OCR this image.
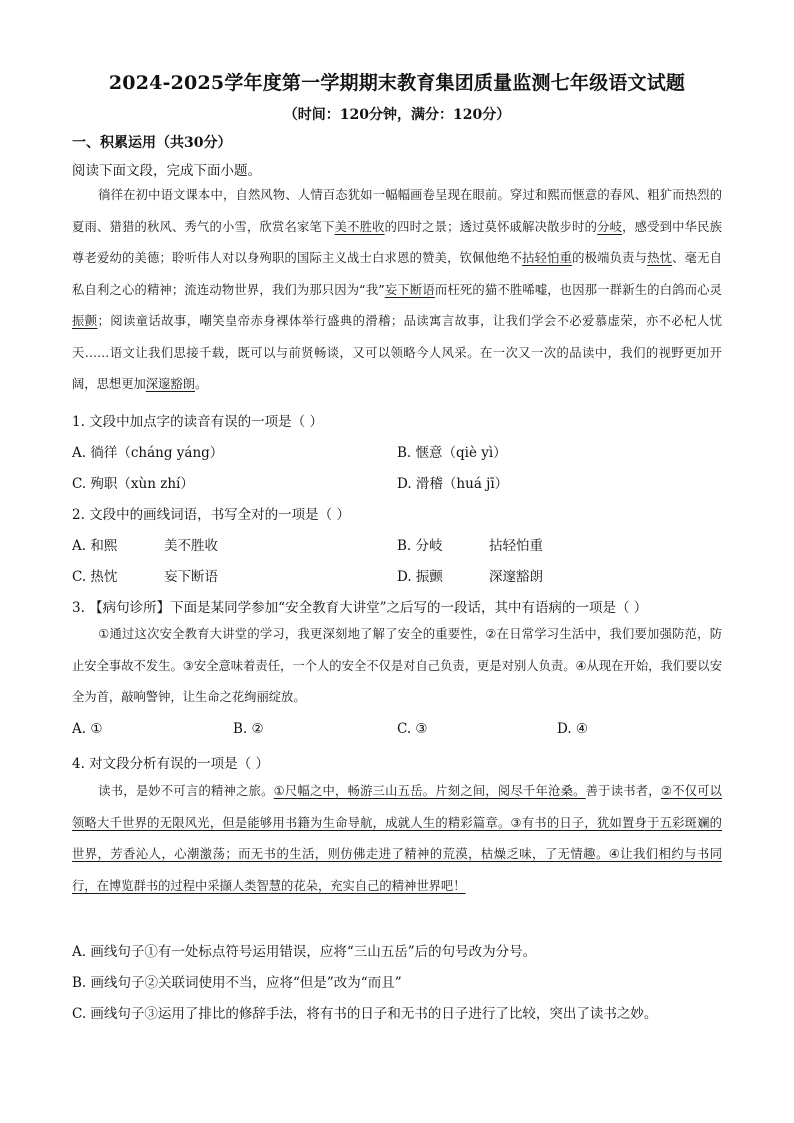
2024-2025学年度第一学期期末教育集团质量监测七年级语文试题
（时间：120分钟，满分：120分）
一、积累运用（共30分）
阅读下面文段，完成下面小题。
徜徉在初中语文课本中，自然风物、人情百态犹如一幅幅画卷呈现在眼前。穿过和熙而惬意的春风、粗犷而热烈的夏雨、猎猎的秋风、秀气的小雪，欣赏名家笔下美不胜收的四时之景；透过莫怀戚解决散步时的分岐，感受到中华民族尊老爱幼的美德；聆听伟人对以身殉职的国际主义战士白求恩的赞美，钦佩他绝不拈轻怕重的极端负责与热忱、毫无自私自利之心的精神；流连动物世界，我们为那只因为“我”妄下断语而枉死的猫不胜唏嘘，也因那一群新生的白鸽而心灵振颤；阅读童话故事，嘲笑皇帝赤身裸体举行盛典的滑稽；品读寓言故事，让我们学会不必爱慕虚荣，亦不必杞人忧天……语文让我们思接千载，既可以与前贤畅谈，又可以领略今人风采。在一次又一次的品读中，我们的视野更加开阔，思想更加深邃豁朗。
1. 文段中加点字的读音有误的一项是（ ）
A. 徜徉（cháng yáng）	B. 惬意（qiè yì）
C. 殉职（xùn zhí）	D. 滑稽（huá jī）
2. 文段中的画线词语，书写全对的一项是（ ）
A. 和熙	美不胜收	B. 分岐	拈轻怕重
C. 热忱	妄下断语	D. 振颤	深邃豁朗
3. 【病句诊所】下面是某同学参加“安全教育大讲堂”之后写的一段话，其中有语病的一项是（ ）
①通过这次安全教育大讲堂的学习，我更深刻地了解了安全的重要性，②在日常学习生活中，我们要加强防范，防止安全事故不发生。③安全意味着责任，一个人的安全不仅是对自己负责，更是对别人负责。④从现在开始，我们要以安全为首，敲响警钟，让生命之花绚丽绽放。
A. ①	B. ②	C. ③	D. ④
4. 对文段分析有误的一项是（ ）
读书，是妙不可言的精神之旅。①尺幅之中，畅游三山五岳。片刻之间，阅尽千年沧桑。善于读书者，②不仅可以领略大千世界的无限风光，但是能够用书籍为生命导航，成就人生的精彩篇章。③有书的日子，犹如置身于五彩斑斓的世界，芳香沁人，心潮激荡；而无书的生活，则仿佛走进了精神的荒漠，枯燥乏味，了无情趣。④让我们相约与书同行，在博览群书的过程中采撷人类智慧的花朵，充实自己的精神世界吧！
A. 画线句子①有一处标点符号运用错误，应将“三山五岳”后的句号改为分号。
B. 画线句子②关联词使用不当，应将“但是”改为“而且”
C. 画线句子③运用了排比的修辞手法，将有书的日子和无书的日子进行了比较，突出了读书之妙。
